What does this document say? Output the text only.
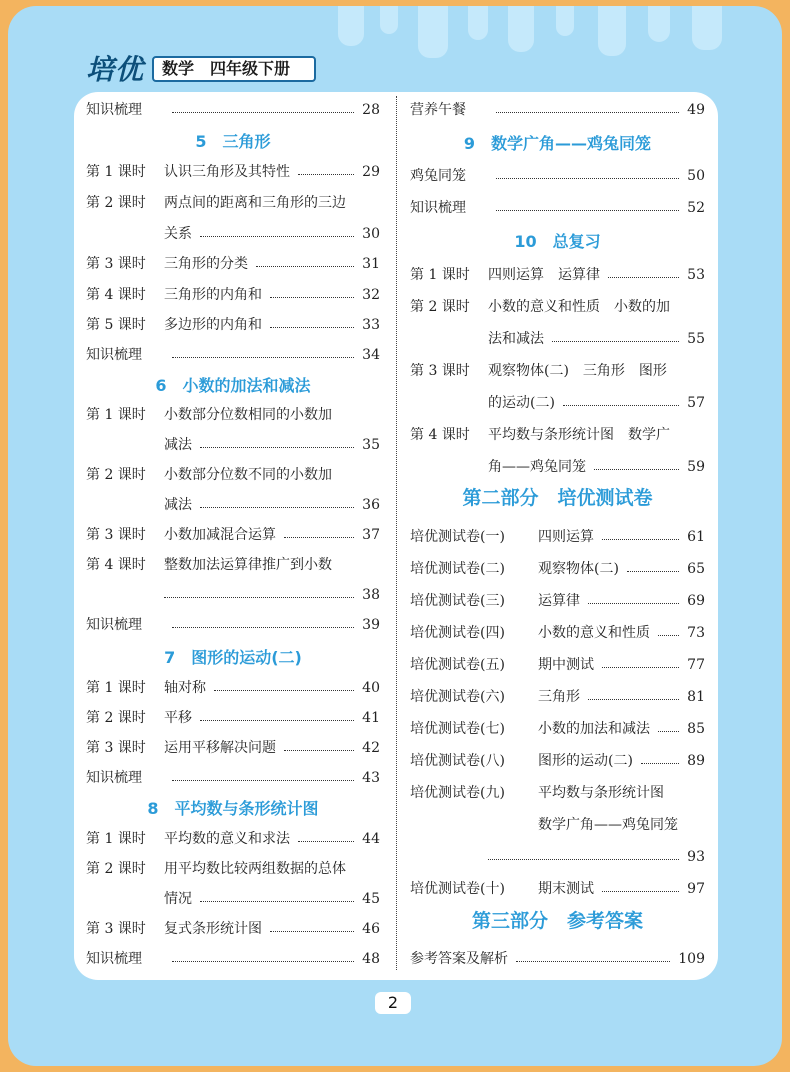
培优	数学　四年级下册
知识梳理	28
5　三角形
第 1 课时 认识三角形及其特性	29
第 2 课时 两点间的距离和三角形的三边
关系	30
第 3 课时 三角形的分类	31
第 4 课时 三角形的内角和	32
第 5 课时 多边形的内角和	33
知识梳理	34
6　小数的加法和减法
第 1 课时 小数部分位数相同的小数加
减法	35
第 2 课时 小数部分位数不同的小数加
减法	36
第 3 课时 小数加减混合运算	37
第 4 课时 整数加法运算律推广到小数
38
知识梳理	39
7　图形的运动(二)
第 1 课时 轴对称	40
第 2 课时 平移	41
第 3 课时 运用平移解决问题	42
知识梳理	43
8　平均数与条形统计图
第 1 课时 平均数的意义和求法	44
第 2 课时 用平均数比较两组数据的总体
情况	45
第 3 课时 复式条形统计图	46
知识梳理	48
营养午餐	49
9　数学广角——鸡兔同笼
鸡兔同笼	50
知识梳理	52
10　总复习
第 1 课时 四则运算　运算律	53
第 2 课时 小数的意义和性质　小数的加
法和减法	55
第 3 课时 观察物体(二)　三角形　图形
的运动(二)	57
第 4 课时 平均数与条形统计图　数学广
角——鸡兔同笼	59
第二部分　培优测试卷
培优测试卷(一) 四则运算	61
培优测试卷(二) 观察物体(二)	65
培优测试卷(三) 运算律	69
培优测试卷(四) 小数的意义和性质	73
培优测试卷(五) 期中测试	77
培优测试卷(六) 三角形	81
培优测试卷(七) 小数的加法和减法	85
培优测试卷(八) 图形的运动(二)	89
培优测试卷(九) 平均数与条形统计图
数学广角——鸡兔同笼
93
培优测试卷(十) 期末测试	97
第三部分　参考答案
参考答案及解析	109
2
